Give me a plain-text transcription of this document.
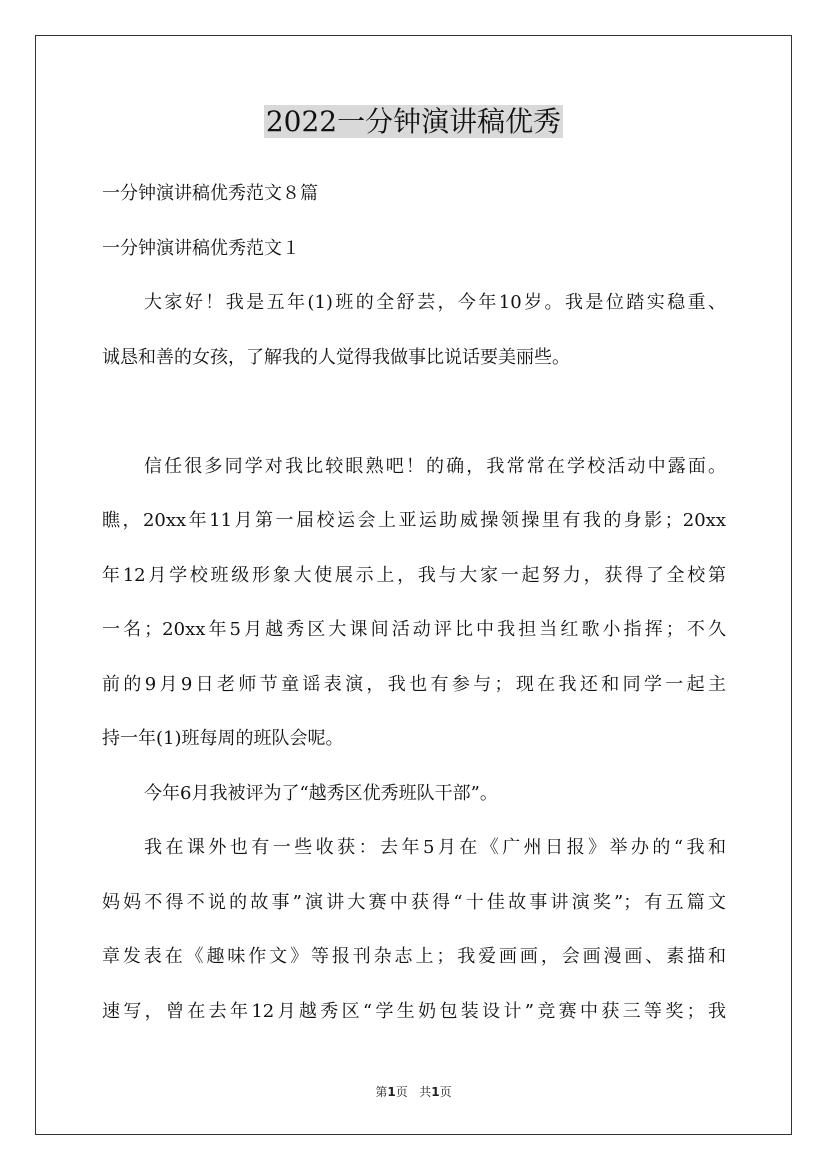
2022一分钟演讲稿优秀
一分钟演讲稿优秀范文８篇
一分钟演讲稿优秀范文１
大家好！我是五年(1)班的全舒芸，今年10岁。我是位踏实稳重、
诚恳和善的女孩，了解我的人觉得我做事比说话要美丽些。
信任很多同学对我比较眼熟吧！的确，我常常在学校活动中露面。
瞧，20xx年11月第一届校运会上亚运助威操领操里有我的身影；20xx
年12月学校班级形象大使展示上，我与大家一起努力，获得了全校第
一名；20xx年5月越秀区大课间活动评比中我担当红歌小指挥；不久
前的9月9日老师节童谣表演，我也有参与；现在我还和同学一起主
持一年(1)班每周的班队会呢。
今年6月我被评为了“越秀区优秀班队干部”。
我在课外也有一些收获：去年5月在《广州日报》举办的“我和
妈妈不得不说的故事”演讲大赛中获得“十佳故事讲演奖”；有五篇文
章发表在《趣味作文》等报刊杂志上；我爱画画，会画漫画、素描和
速写，曾在去年12月越秀区“学生奶包装设计”竞赛中获三等奖；我
第1页 共1页
